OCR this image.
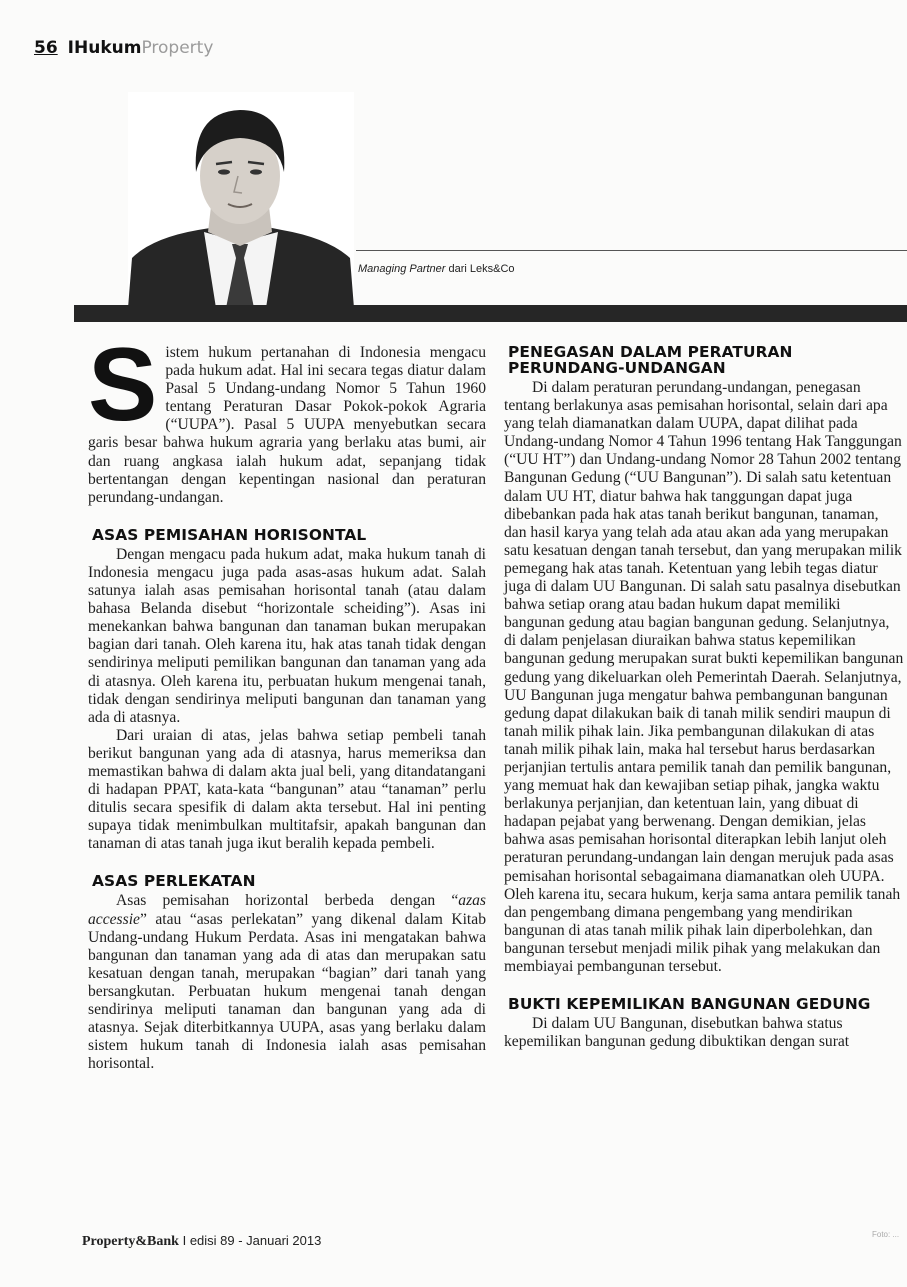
56 IHukumProperty
Managing Partner dari Leks&Co

Sistem hukum pertanahan di Indonesia mengacu pada hukum adat. Hal ini secara tegas diatur dalam Pasal 5 Undang-undang Nomor 5 Tahun 1960 tentang Peraturan Dasar Pokok-pokok Agraria (“UUPA”). Pasal 5 UUPA menyebutkan secara garis besar bahwa hukum agraria yang berlaku atas bumi, air dan ruang angkasa ialah hukum adat, sepanjang tidak bertentangan dengan kepentingan nasional dan peraturan perundang-undangan.

ASAS PEMISAHAN HORISONTAL

Dengan mengacu pada hukum adat, maka hukum tanah di Indonesia mengacu juga pada asas-asas hukum adat. Salah satunya ialah asas pemisahan horisontal tanah (atau dalam bahasa Belanda disebut “horizontale scheiding”). Asas ini menekankan bahwa bangunan dan tanaman bukan merupakan bagian dari tanah. Oleh karena itu, hak atas tanah tidak dengan sendirinya meliputi pemilikan bangunan dan tanaman yang ada di atasnya. Oleh karena itu, perbuatan hukum mengenai tanah, tidak dengan sendirinya meliputi bangunan dan tanaman yang ada di atasnya.

Dari uraian di atas, jelas bahwa setiap pembeli tanah berikut bangunan yang ada di atasnya, harus memeriksa dan memastikan bahwa di dalam akta jual beli, yang ditandatangani di hadapan PPAT, kata-kata “bangunan” atau “tanaman” perlu ditulis secara spesifik di dalam akta tersebut. Hal ini penting supaya tidak menimbulkan multitafsir, apakah bangunan dan tanaman di atas tanah juga ikut beralih kepada pembeli.

ASAS PERLEKATAN

Asas pemisahan horizontal berbeda dengan “azas accessie” atau “asas perlekatan” yang dikenal dalam Kitab Undang-undang Hukum Perdata. Asas ini mengatakan bahwa bangunan dan tanaman yang ada di atas dan merupakan satu kesatuan dengan tanah, merupakan “bagian” dari tanah yang bersangkutan. Perbuatan hukum mengenai tanah dengan sendirinya meliputi tanaman dan bangunan yang ada di atasnya. Sejak diterbitkannya UUPA, asas yang berlaku dalam sistem hukum tanah di Indonesia ialah asas pemisahan horisontal.

PENEGASAN DALAM PERATURAN PERUNDANG-UNDANGAN

Di dalam peraturan perundang-undangan, penegasan tentang berlakunya asas pemisahan horisontal, selain dari apa yang telah diamanatkan dalam UUPA, dapat dilihat pada Undang-undang Nomor 4 Tahun 1996 tentang Hak Tanggungan (“UU HT”) dan Undang-undang Nomor 28 Tahun 2002 tentang Bangunan Gedung (“UU Bangunan”). Di salah satu ketentuan dalam UU HT, diatur bahwa hak tanggungan dapat juga dibebankan pada hak atas tanah berikut bangunan, tanaman, dan hasil karya yang telah ada atau akan ada yang merupakan satu kesatuan dengan tanah tersebut, dan yang merupakan milik pemegang hak atas tanah. Ketentuan yang lebih tegas diatur juga di dalam UU Bangunan. Di salah satu pasalnya disebutkan bahwa setiap orang atau badan hukum dapat memiliki bangunan gedung atau bagian bangunan gedung. Selanjutnya, di dalam penjelasan diuraikan bahwa status kepemilikan bangunan gedung merupakan surat bukti kepemilikan bangunan gedung yang dikeluarkan oleh Pemerintah Daerah. Selanjutnya, UU Bangunan juga mengatur bahwa pembangunan bangunan gedung dapat dilakukan baik di tanah milik sendiri maupun di tanah milik pihak lain. Jika pembangunan dilakukan di atas tanah milik pihak lain, maka hal tersebut harus berdasarkan perjanjian tertulis antara pemilik tanah dan pemilik bangunan, yang memuat hak dan kewajiban setiap pihak, jangka waktu berlakunya perjanjian, dan ketentuan lain, yang dibuat di hadapan pejabat yang berwenang. Dengan demikian, jelas bahwa asas pemisahan horisontal diterapkan lebih lanjut oleh peraturan perundang-undangan lain dengan merujuk pada asas pemisahan horisontal sebagaimana diamanatkan oleh UUPA. Oleh karena itu, secara hukum, kerja sama antara pemilik tanah dan pengembang dimana pengembang yang mendirikan bangunan di atas tanah milik pihak lain diperbolehkan, dan bangunan tersebut menjadi milik pihak yang melakukan dan membiayai pembangunan tersebut.

BUKTI KEPEMILIKAN BANGUNAN GEDUNG

Di dalam UU Bangunan, disebutkan bahwa status kepemilikan bangunan gedung dibuktikan dengan surat

Property&Bank I edisi 89 - Januari 2013	Foto: ...
